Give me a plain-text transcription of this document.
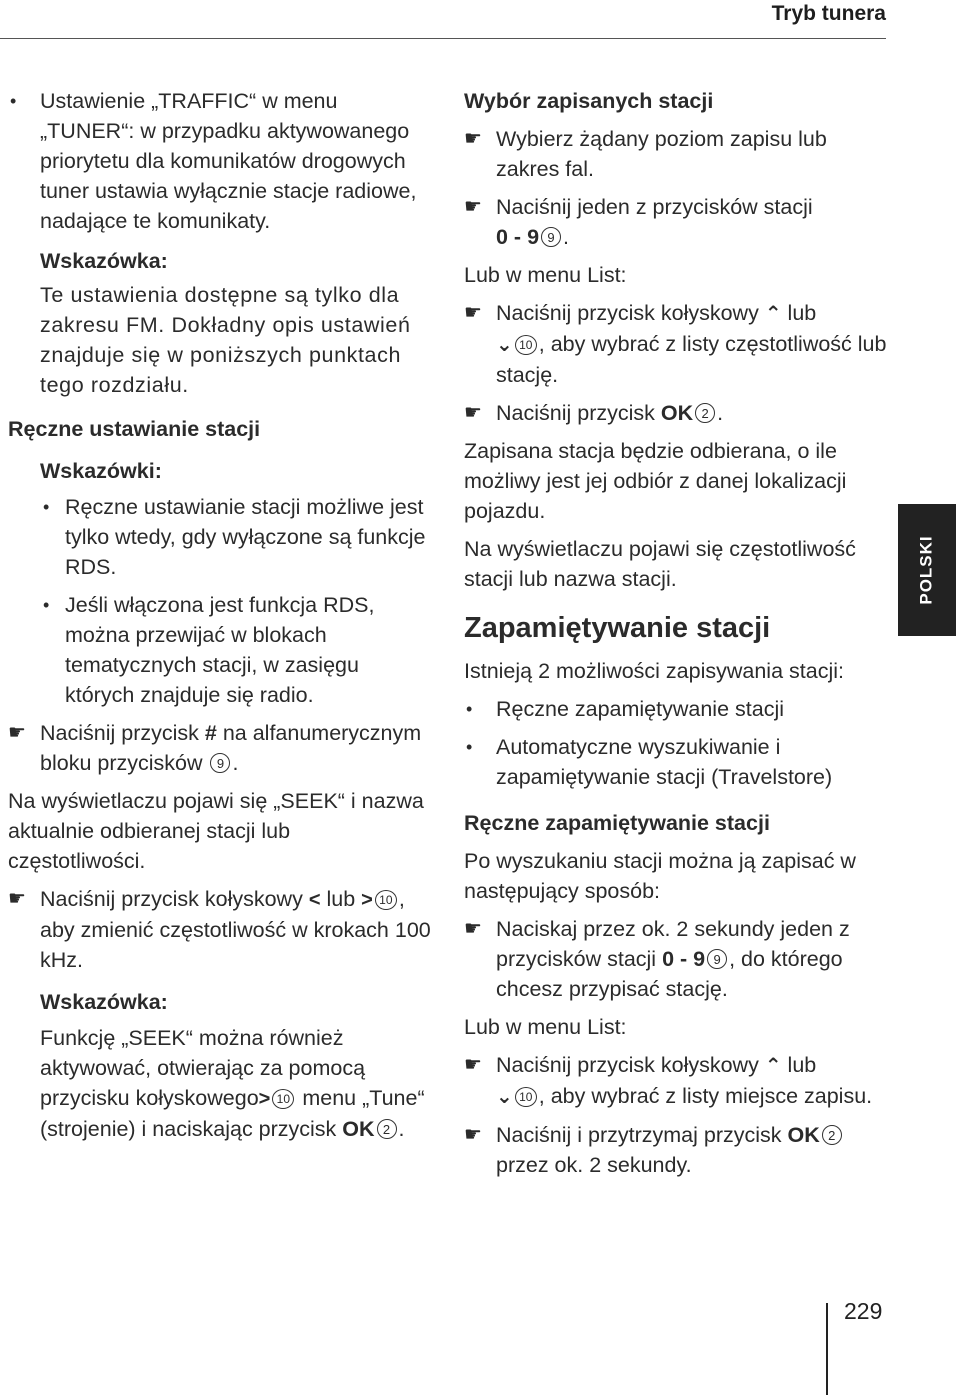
Tryb tunera
POLSKI

• Ustawienie „TRAFFIC“ w menu „TUNER“: w przypadku aktywowanego priorytetu dla komunikatów drogowych tuner ustawia wyłącznie stacje radiowe, nadające te komunikaty.

Wskazówka:

Te ustawienia dostępne są tylko dla zakresu FM. Dokładny opis ustawień znajduje się w poniższych punktach tego rozdziału.

Ręczne ustawianie stacji

Wskazówki:

• Ręczne ustawianie stacji możliwe jest tylko wtedy, gdy wyłączone są funkcje RDS.

• Jeśli włączona jest funkcja RDS, można przewijać w blokach tematycznych stacji, w zasięgu których znajduje się radio.

☛ Naciśnij przycisk # na alfanumerycznym bloku przycisków 9 .

Na wyświetlaczu pojawi się „SEEK“ i nazwa aktualnie odbieranej stacji lub częstotliwości.

☛ Naciśnij przycisk kołyskowy < lub > 10 , aby zmienić częstotliwość w krokach 100 kHz.

Wskazówka:

Funkcję „SEEK“ można również aktywować, otwierając za pomocą przycisku kołyskowego> 10 menu „Tune“ (strojenie) i naciskając przycisk OK 2 .

Wybór zapisanych stacji

☛ Wybierz żądany poziom zapisu lub zakres fal.

☛ Naciśnij jeden z przycisków stacji
0 - 9 9 .

Lub w menu List:

☛ Naciśnij przycisk kołyskowy ⌃ lub
⌄ 10 , aby wybrać z listy częstotliwość lub stację.

☛ Naciśnij przycisk OK 2 .

Zapisana stacja będzie odbierana, o ile możliwy jest jej odbiór z danej lokalizacji pojazdu.

Na wyświetlaczu pojawi się częstotliwość stacji lub nazwa stacji.

Zapamiętywanie stacji

Istnieją 2 możliwości zapisywania stacji:

• Ręczne zapamiętywanie stacji

• Automatyczne wyszukiwanie i zapamiętywanie stacji (Travelstore)

Ręczne zapamiętywanie stacji

Po wyszukaniu stacji można ją zapisać w następujący sposób:

☛ Naciskaj przez ok. 2 sekundy jeden z przycisków stacji 0 - 9 9 , do którego chcesz przypisać stację.

Lub w menu List:

☛ Naciśnij przycisk kołyskowy ⌃ lub
⌄ 10 , aby wybrać z listy miejsce zapisu.

☛ Naciśnij i przytrzymaj przycisk OK 2 przez ok. 2 sekundy.

229
